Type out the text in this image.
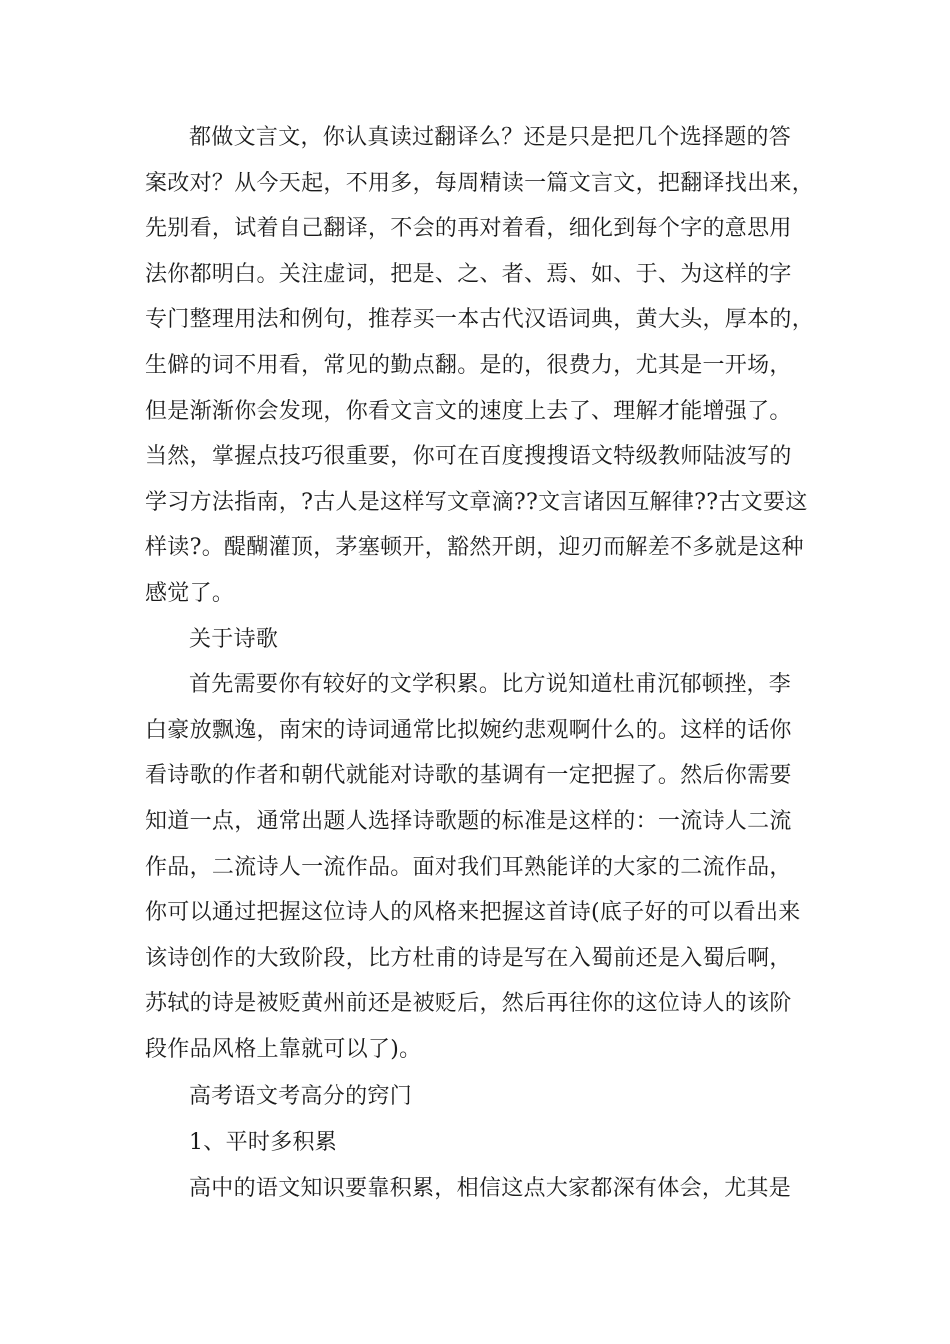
都做文言文，你认真读过翻译么？还是只是把几个选择题的答
案改对？从今天起，不用多，每周精读一篇文言文，把翻译找出来，
先别看，试着自己翻译，不会的再对着看，细化到每个字的意思用
法你都明白。关注虚词，把是、之、者、焉、如、于、为这样的字
专门整理用法和例句，推荐买一本古代汉语词典，黄大头，厚本的，
生僻的词不用看，常见的勤点翻。是的，很费力，尤其是一开场，
但是渐渐你会发现，你看文言文的速度上去了、理解才能增强了。
当然，掌握点技巧很重要，你可在百度搜搜语文特级教师陆波写的
学习方法指南，?古人是这样写文章滴??文言诸因互解律??古文要这
样读?。醍醐灌顶，茅塞顿开，豁然开朗，迎刃而解差不多就是这种
感觉了。

关于诗歌

首先需要你有较好的文学积累。比方说知道杜甫沉郁顿挫，李
白豪放飘逸，南宋的诗词通常比拟婉约悲观啊什么的。这样的话你
看诗歌的作者和朝代就能对诗歌的基调有一定把握了。然后你需要
知道一点，通常出题人选择诗歌题的标准是这样的：一流诗人二流
作品，二流诗人一流作品。面对我们耳熟能详的大家的二流作品，
你可以通过把握这位诗人的风格来把握这首诗(底子好的可以看出来
该诗创作的大致阶段，比方杜甫的诗是写在入蜀前还是入蜀后啊，
苏轼的诗是被贬黄州前还是被贬后，然后再往你的这位诗人的该阶
段作品风格上靠就可以了)。

高考语文考高分的窍门

1、平时多积累

高中的语文知识要靠积累，相信这点大家都深有体会，尤其是
